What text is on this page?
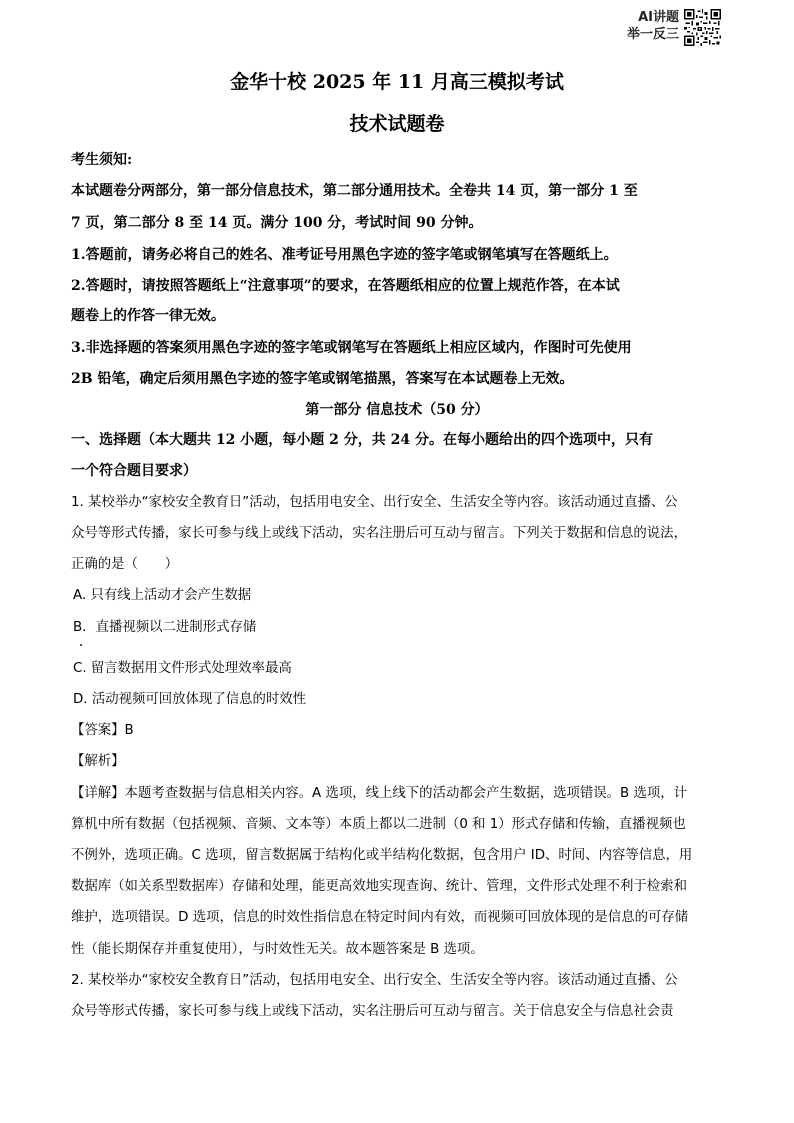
AI讲题
举一反三
金华十校 2025 年 11 月高三模拟考试
技术试题卷
考生须知:
本试题卷分两部分，第一部分信息技术，第二部分通用技术。全卷共 14 页，第一部分 1 至
7 页，第二部分 8 至 14 页。满分 100 分，考试时间 90 分钟。
1.答题前，请务必将自己的姓名、准考证号用黑色字迹的签字笔或钢笔填写在答题纸上。
2.答题时，请按照答题纸上“注意事项”的要求，在答题纸相应的位置上规范作答，在本试
题卷上的作答一律无效。
3.非选择题的答案须用黑色字迹的签字笔或钢笔写在答题纸上相应区域内，作图时可先使用
2B 铅笔，确定后须用黑色字迹的签字笔或钢笔描黑，答案写在本试题卷上无效。
第一部分 信息技术（50 分）
一、选择题（本大题共 12 小题，每小题 2 分，共 24 分。在每小题给出的四个选项中，只有
一个符合题目要求）
1. 某校举办“家校安全教育日”活动，包括用电安全、出行安全、生活安全等内容。该活动通过直播、公
众号等形式传播，家长可参与线上或线下活动，实名注册后可互动与留言。下列关于数据和信息的说法，
正确的是（　　）
A. 只有线上活动才会产生数据
B．直播视频以二进制形式存储
C. 留言数据用文件形式处理效率最高
D. 活动视频可回放体现了信息的时效性
【答案】B
【解析】
【详解】本题考查数据与信息相关内容。A 选项，线上线下的活动都会产生数据，选项错误。B 选项，计
算机中所有数据（包括视频、音频、文本等）本质上都以二进制（0 和 1）形式存储和传输，直播视频也
不例外，选项正确。C 选项，留言数据属于结构化或半结构化数据，包含用户 ID、时间、内容等信息，用
数据库（如关系型数据库）存储和处理，能更高效地实现查询、统计、管理，文件形式处理不利于检索和
维护，选项错误。D 选项，信息的时效性指信息在特定时间内有效，而视频可回放体现的是信息的可存储
性（能长期保存并重复使用），与时效性无关。故本题答案是 B 选项。
2. 某校举办“家校安全教育日”活动，包括用电安全、出行安全、生活安全等内容。该活动通过直播、公
众号等形式传播，家长可参与线上或线下活动，实名注册后可互动与留言。关于信息安全与信息社会责
